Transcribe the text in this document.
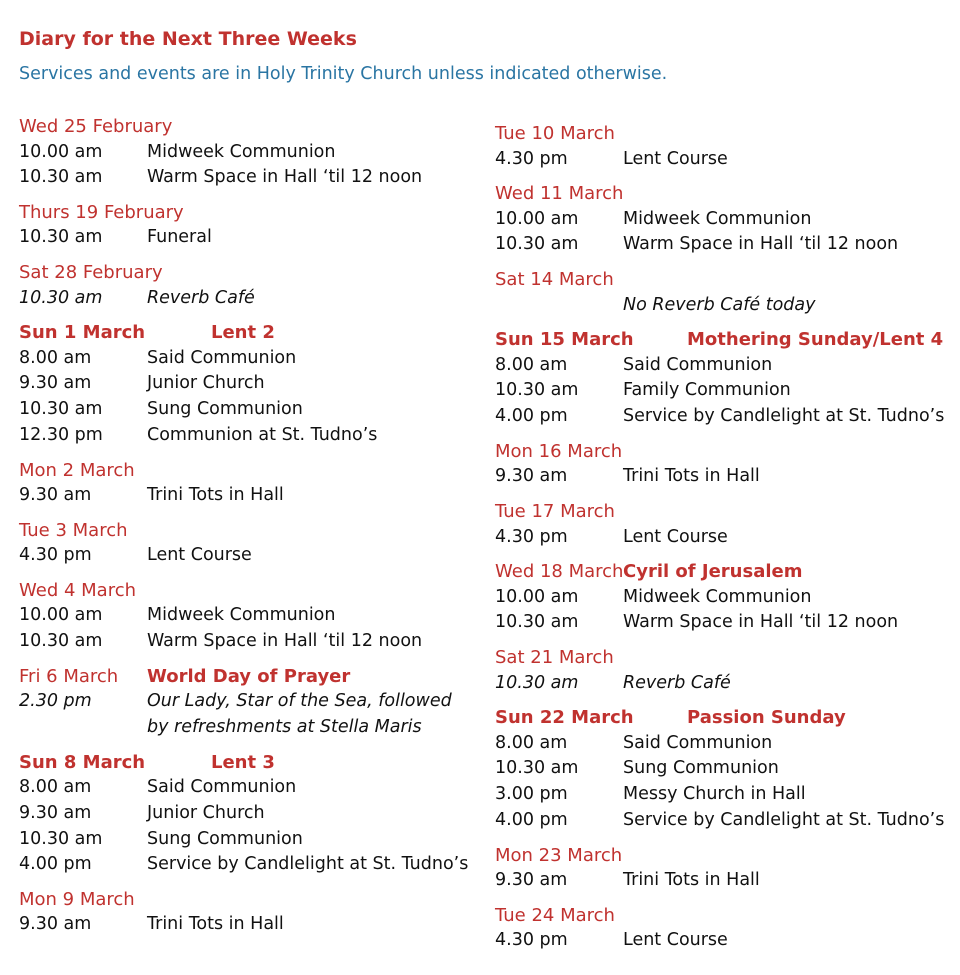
Diary for the Next Three Weeks
Services and events are in Holy Trinity Church unless indicated otherwise.
Wed 25 February
10.00 am	Midweek Communion
10.30 am	Warm Space in Hall ‘til 12 noon
Thurs 19 February
10.30 am	Funeral
Sat 28 February
10.30 am	Reverb Café
Sun 1 March	Lent 2
8.00 am	Said Communion
9.30 am	Junior Church
10.30 am	Sung Communion
12.30 pm	Communion at St. Tudno’s
Mon 2 March
9.30 am	Trini Tots in Hall
Tue 3 March
4.30 pm	Lent Course
Wed 4 March
10.00 am	Midweek Communion
10.30 am	Warm Space in Hall ‘til 12 noon
Fri 6 March World Day of Prayer
2.30 pm	Our Lady, Star of the Sea, followed by refreshments at Stella Maris
Sun 8 March	Lent 3
8.00 am	Said Communion
9.30 am	Junior Church
10.30 am	Sung Communion
4.00 pm	Service by Candlelight at St. Tudno’s
Mon 9 March
9.30 am	Trini Tots in Hall
Tue 10 March
4.30 pm	Lent Course
Wed 11 March
10.00 am	Midweek Communion
10.30 am	Warm Space in Hall ‘til 12 noon
Sat 14 March
No Reverb Café today
Sun 15 March	Mothering Sunday/Lent 4
8.00 am	Said Communion
10.30 am	Family Communion
4.00 pm	Service by Candlelight at St. Tudno’s
Mon 16 March
9.30 am	Trini Tots in Hall
Tue 17 March
4.30 pm	Lent Course
Wed 18 March Cyril of Jerusalem
10.00 am	Midweek Communion
10.30 am	Warm Space in Hall ‘til 12 noon
Sat 21 March
10.30 am	Reverb Café
Sun 22 March	Passion Sunday
8.00 am	Said Communion
10.30 am	Sung Communion
3.00 pm	Messy Church in Hall
4.00 pm	Service by Candlelight at St. Tudno’s
Mon 23 March
9.30 am	Trini Tots in Hall
Tue 24 March
4.30 pm	Lent Course
